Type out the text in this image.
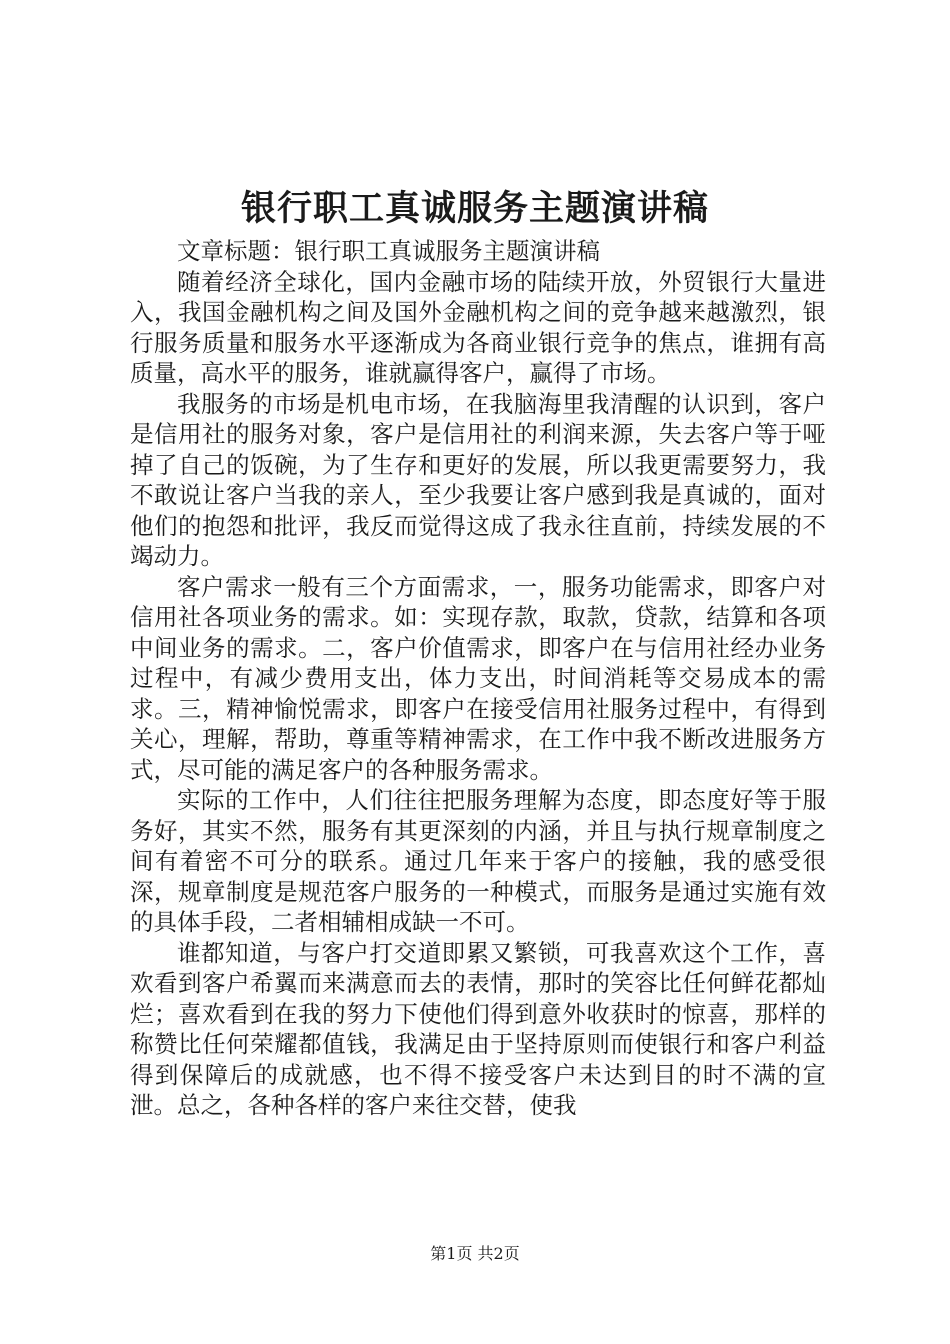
银行职工真诚服务主题演讲稿

文章标题：银行职工真诚服务主题演讲稿

随着经济全球化，国内金融市场的陆续开放，外贸银行大量进入，我国金融机构之间及国外金融机构之间的竞争越来越激烈，银行服务质量和服务水平逐渐成为各商业银行竞争的焦点，谁拥有高质量，高水平的服务，谁就赢得客户，赢得了市场。

我服务的市场是机电市场，在我脑海里我清醒的认识到，客户是信用社的服务对象，客户是信用社的利润来源，失去客户等于哑掉了自己的饭碗，为了生存和更好的发展，所以我更需要努力，我不敢说让客户当我的亲人，至少我要让客户感到我是真诚的，面对他们的抱怨和批评，我反而觉得这成了我永往直前，持续发展的不竭动力。

客户需求一般有三个方面需求，一，服务功能需求，即客户对信用社各项业务的需求。如：实现存款，取款，贷款，结算和各项中间业务的需求。二，客户价值需求，即客户在与信用社经办业务过程中，有减少费用支出，体力支出，时间消耗等交易成本的需求。三，精神愉悦需求，即客户在接受信用社服务过程中，有得到关心，理解，帮助，尊重等精神需求，在工作中我不断改进服务方式，尽可能的满足客户的各种服务需求。

实际的工作中，人们往往把服务理解为态度，即态度好等于服务好，其实不然，服务有其更深刻的内涵，并且与执行规章制度之间有着密不可分的联系。通过几年来于客户的接触，我的感受很深，规章制度是规范客户服务的一种模式，而服务是通过实施有效的具体手段，二者相辅相成缺一不可。

谁都知道，与客户打交道即累又繁锁，可我喜欢这个工作，喜欢看到客户希翼而来满意而去的表情，那时的笑容比任何鲜花都灿烂；喜欢看到在我的努力下使他们得到意外收获时的惊喜，那样的称赞比任何荣耀都值钱，我满足由于坚持原则而使银行和客户利益得到保障后的成就感，也不得不接受客户未达到目的时不满的宣泄。总之，各种各样的客户来往交替，使我

第1页 共2页
